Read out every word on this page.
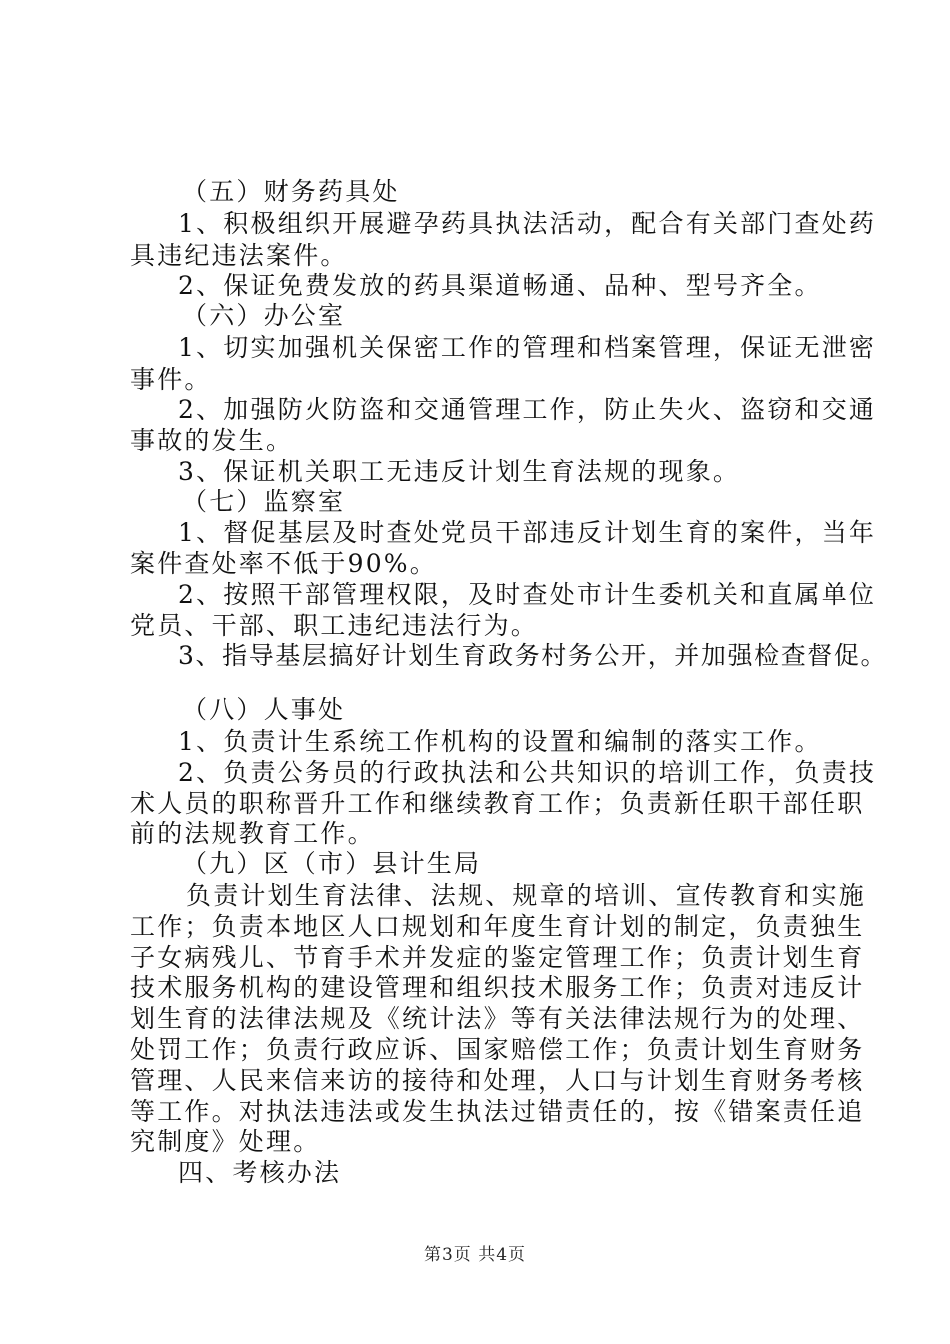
（五）财务药具处
1、积极组织开展避孕药具执法活动，配合有关部门查处药
具违纪违法案件。
2、保证免费发放的药具渠道畅通、品种、型号齐全。
（六）办公室
1、切实加强机关保密工作的管理和档案管理，保证无泄密
事件。
2、加强防火防盗和交通管理工作，防止失火、盗窃和交通
事故的发生。
3、保证机关职工无违反计划生育法规的现象。
（七）监察室
1、督促基层及时查处党员干部违反计划生育的案件，当年
案件查处率不低于90%。
2、按照干部管理权限，及时查处市计生委机关和直属单位
党员、干部、职工违纪违法行为。
3、指导基层搞好计划生育政务村务公开，并加强检查督促。
（八）人事处
1、负责计生系统工作机构的设置和编制的落实工作。
2、负责公务员的行政执法和公共知识的培训工作，负责技
术人员的职称晋升工作和继续教育工作；负责新任职干部任职
前的法规教育工作。
（九）区（市）县计生局
负责计划生育法律、法规、规章的培训、宣传教育和实施
工作；负责本地区人口规划和年度生育计划的制定，负责独生
子女病残儿、节育手术并发症的鉴定管理工作；负责计划生育
技术服务机构的建设管理和组织技术服务工作；负责对违反计
划生育的法律法规及《统计法》等有关法律法规行为的处理、
处罚工作；负责行政应诉、国家赔偿工作；负责计划生育财务
管理、人民来信来访的接待和处理，人口与计划生育财务考核
等工作。对执法违法或发生执法过错责任的，按《错案责任追
究制度》处理。
四、考核办法
第3页 共4页
